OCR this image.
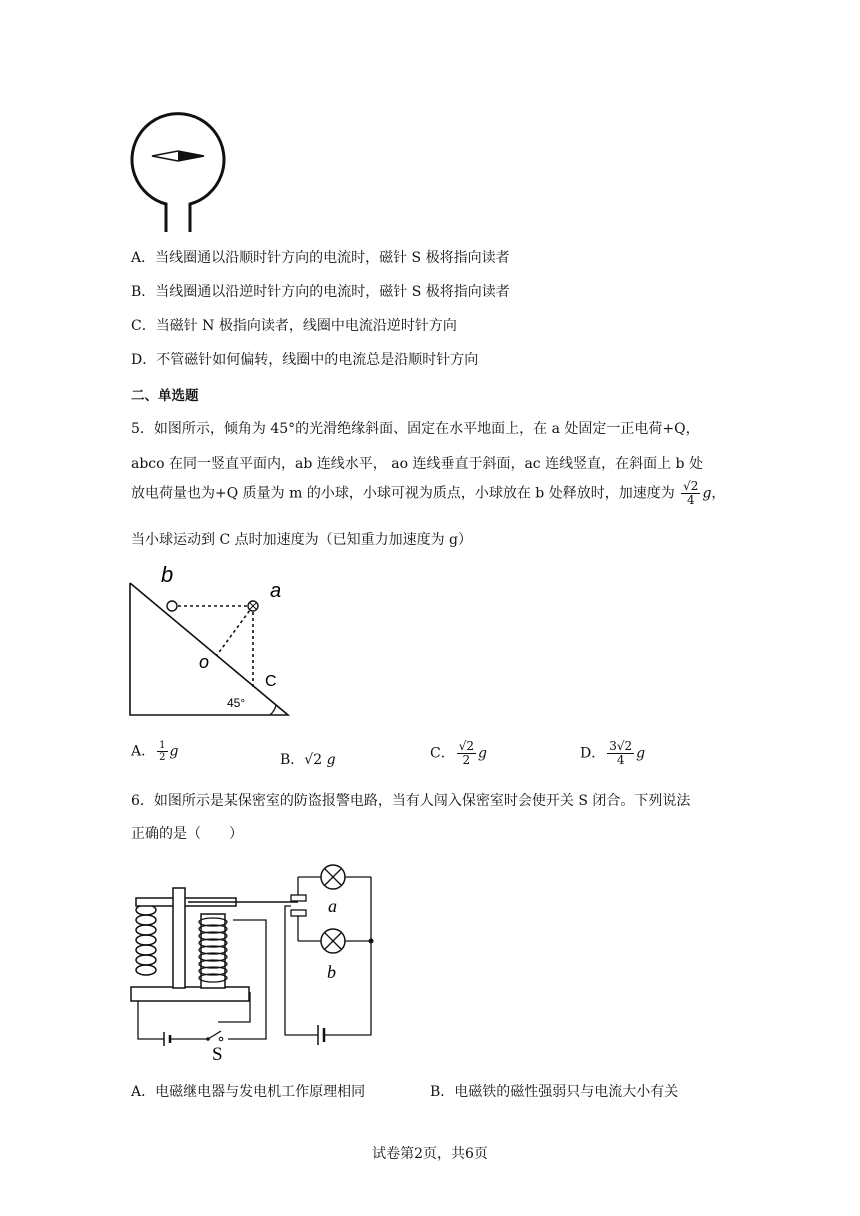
A．当线圈通以沿顺时针方向的电流时，磁针 S 极将指向读者
B．当线圈通以沿逆时针方向的电流时，磁针 S 极将指向读者
C．当磁针 N 极指向读者，线圈中电流沿逆时针方向
D．不管磁针如何偏转，线圈中的电流总是沿顺时针方向
二、单选题
5．如图所示，倾角为 45°的光滑绝缘斜面、固定在水平地面上，在 a 处固定一正电荷+Q，
abco 在同一竖直平面内，ab 连线水平， ao 连线垂直于斜面，ac 连线竖直，在斜面上 b 处
放电荷量也为+Q 质量为 m 的小球，小球可视为质点，小球放在 b 处释放时，加速度为 $\frac{√2}{4}$ g，
当小球运动到 C 点时加速度为（已知重力加速度为 g）
b
a
o
C
45°
A． $\frac{1}{2}$ g
B．√2 g	C． $\frac{√2}{2}$ g	D． $\frac{3√2}{4}$ g
6．如图所示是某保密室的防盗报警电路，当有人闯入保密室时会使开关 S 闭合。下列说法
正确的是（　　）
S
a
b
A．电磁继电器与发电机工作原理相同	B．电磁铁的磁性强弱只与电流大小有关
试卷第2页，共6页
